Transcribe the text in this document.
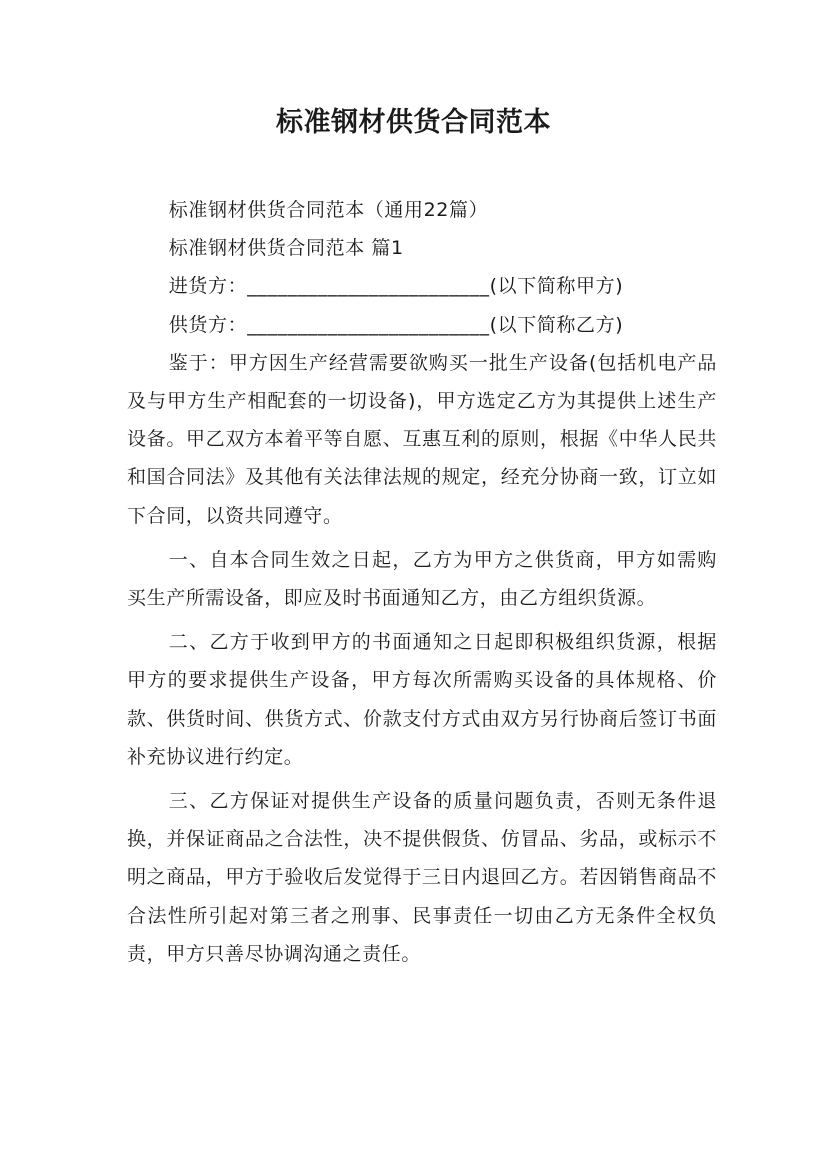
标准钢材供货合同范本

标准钢材供货合同范本（通用22篇）

标准钢材供货合同范本 篇1

进货方：________________________(以下简称甲方)

供货方：________________________(以下简称乙方)

鉴于：甲方因生产经营需要欲购买一批生产设备(包括机电产品及与甲方生产相配套的一切设备)，甲方选定乙方为其提供上述生产设备。甲乙双方本着平等自愿、互惠互利的原则，根据《中华人民共和国合同法》及其他有关法律法规的规定，经充分协商一致，订立如下合同，以资共同遵守。

一、自本合同生效之日起，乙方为甲方之供货商，甲方如需购买生产所需设备，即应及时书面通知乙方，由乙方组织货源。

二、乙方于收到甲方的书面通知之日起即积极组织货源，根据甲方的要求提供生产设备，甲方每次所需购买设备的具体规格、价款、供货时间、供货方式、价款支付方式由双方另行协商后签订书面补充协议进行约定。

三、乙方保证对提供生产设备的质量问题负责，否则无条件退换，并保证商品之合法性，决不提供假货、仿冒品、劣品，或标示不明之商品，甲方于验收后发觉得于三日内退回乙方。若因销售商品不合法性所引起对第三者之刑事、民事责任一切由乙方无条件全权负责，甲方只善尽协调沟通之责任。
